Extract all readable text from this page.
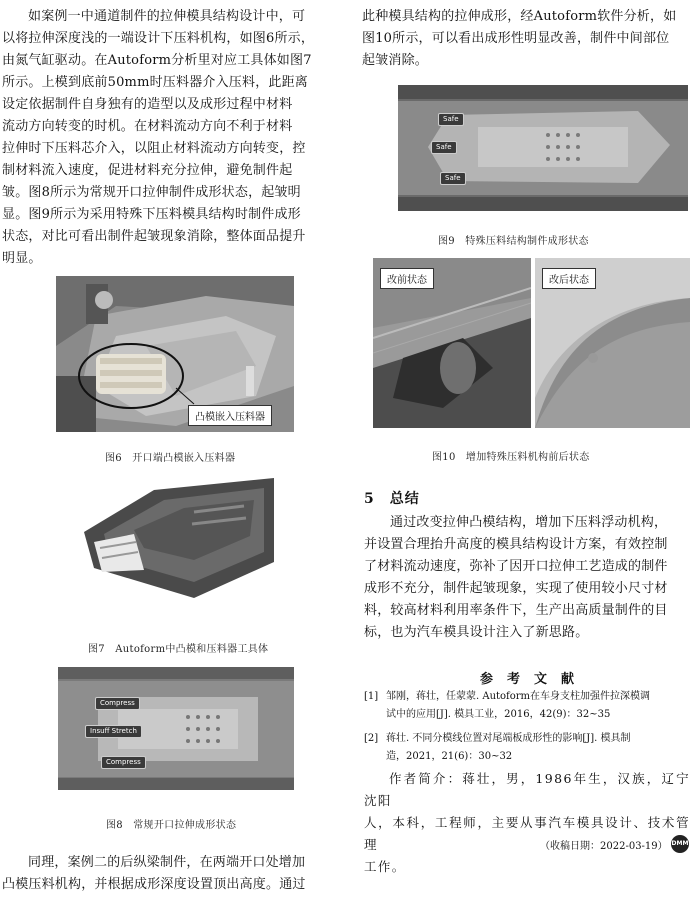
如案例一中通道制件的拉伸模具结构设计中，可
以将拉伸深度浅的一端设计下压料机构，如图6所示，
由氮气缸驱动。在Autoform分析里对应工具体如图7
所示。上模到底前50mm时压料器介入压料，此距离
设定依据制件自身独有的造型以及成形过程中材料
流动方向转变的时机。在材料流动方向不利于材料
拉伸时下压料芯介入，以阻止材料流动方向转变，控
制材料流入速度，促进材料充分拉伸，避免制件起
皱。图8所示为常规开口拉伸制件成形状态，起皱明
显。图9所示为采用特殊下压料模具结构时制件成形
状态，对比可看出制件起皱现象消除，整体面品提升
明显。
凸模嵌入压料器
图6　开口端凸模嵌入压料器
图7　Autoform中凸模和压料器工具体
Compress
Insuff Stretch
Compress
图8　常规开口拉伸成形状态
同理，案例二的后纵梁制件，在两端开口处增加
凸模压料机构，并根据成形深度设置顶出高度。通过
此种模具结构的拉伸成形，经Autoform软件分析，如
图10所示，可以看出成形性明显改善，制件中间部位
起皱消除。
Safe
Safe
Safe
图9　特殊压料结构制件成形状态
改前状态	改后状态
图10　增加特殊压料机构前后状态
5　总结
通过改变拉伸凸模结构，增加下压料浮动机构，
并设置合理抬升高度的模具结构设计方案，有效控制
了材料流动速度，弥补了因开口拉伸工艺造成的制件
成形不充分，制件起皱现象，实现了使用较小尺寸材
料，较高材料利用率条件下，生产出高质量制件的目
标，也为汽车模具设计注入了新思路。
参考文献
[1] 邹刚，蒋壮，任蒙蒙. Autoform在车身支柱加强件拉深模调
试中的应用[J]. 模具工业，2016，42(9)：32~35
[2] 蒋壮. 不同分模线位置对尾端板成形性的影响[J]. 模具制
造，2021，21(6)：30~32
作者简介：蒋壮，男，1986年生，汉族，辽宁沈阳
人，本科，工程师，主要从事汽车模具设计、技术管理
工作。
（收稿日期：2022-03-19） DMM
